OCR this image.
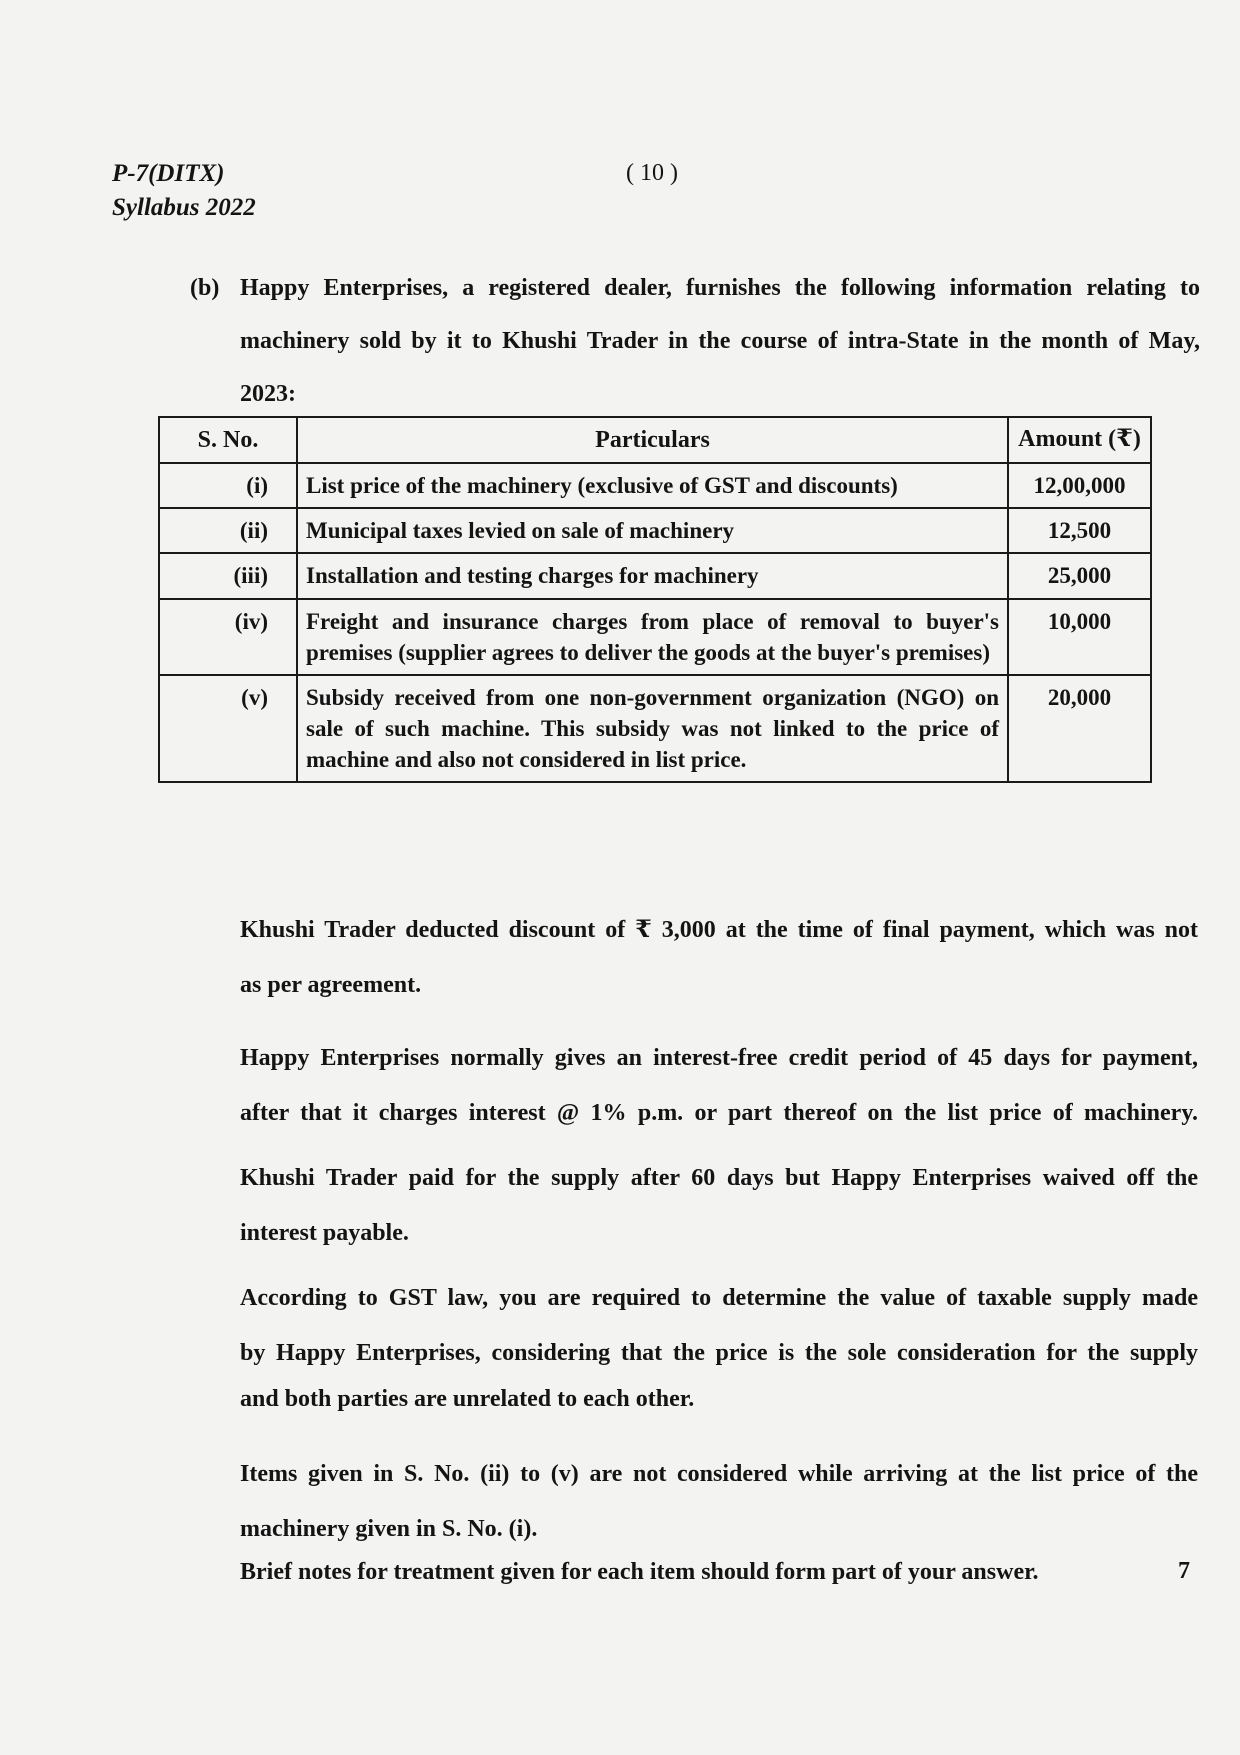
P-7(DITX)
Syllabus 2022
( 10 )
(b) Happy Enterprises, a registered dealer, furnishes the following information relating to
machinery sold by it to Khushi Trader in the course of intra-State in the month of May,
2023:
S. No.	Particulars	Amount (₹)
(i)	List price of the machinery (exclusive of GST and discounts)	12,00,000
(ii)	Municipal taxes levied on sale of machinery	12,500
(iii)	Installation and testing charges for machinery	25,000
(iv)	Freight and insurance charges from place of removal to buyer's premises (supplier agrees to deliver the goods at the buyer's premises)	10,000
(v)	Subsidy received from one non-government organization (NGO) on sale of such machine. This subsidy was not linked to the price of machine and also not considered in list price.	20,000
Khushi Trader deducted discount of ₹ 3,000 at the time of final payment, which was not
as per agreement.
Happy Enterprises normally gives an interest-free credit period of 45 days for payment,
after that it charges interest @ 1% p.m. or part thereof on the list price of machinery.
Khushi Trader paid for the supply after 60 days but Happy Enterprises waived off the
interest payable.
According to GST law, you are required to determine the value of taxable supply made
by Happy Enterprises, considering that the price is the sole consideration for the supply
and both parties are unrelated to each other.
Items given in S. No. (ii) to (v) are not considered while arriving at the list price of the
machinery given in S. No. (i).
Brief notes for treatment given for each item should form part of your answer.	7
